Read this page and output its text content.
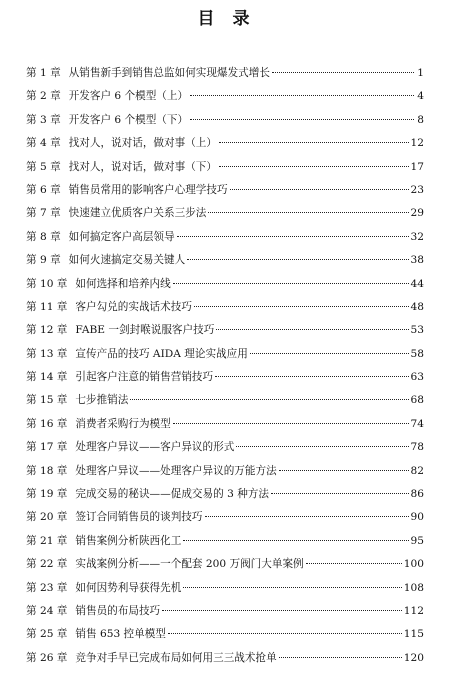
目 录
第 1 章 从销售新手到销售总监如何实现爆发式增长	1
第 2 章 开发客户 6 个模型（上）	4
第 3 章 开发客户 6 个模型（下）	8
第 4 章 找对人，说对话，做对事（上）	12
第 5 章 找对人，说对话，做对事（下）	17
第 6 章 销售员常用的影响客户心理学技巧	23
第 7 章 快速建立优质客户关系三步法	29
第 8 章 如何搞定客户高层领导	32
第 9 章 如何火速搞定交易关键人	38
第 10 章 如何选择和培养内线	44
第 11 章 客户勾兑的实战话术技巧	48
第 12 章 FABE 一剑封喉说服客户技巧	53
第 13 章 宣传产品的技巧 AIDA 理论实战应用	58
第 14 章 引起客户注意的销售营销技巧	63
第 15 章 七步推销法	68
第 16 章 消费者采购行为模型	74
第 17 章 处理客户异议——客户异议的形式	78
第 18 章 处理客户异议——处理客户异议的万能方法	82
第 19 章 完成交易的秘诀——促成交易的 3 种方法	86
第 20 章 签订合同销售员的谈判技巧	90
第 21 章 销售案例分析陕西化工	95
第 22 章 实战案例分析——一个配套 200 万阀门大单案例	100
第 23 章 如何因势利导获得先机	108
第 24 章 销售员的布局技巧	112
第 25 章 销售 653 控单模型	115
第 26 章 竞争对手早已完成布局如何用三三战术抢单	120
